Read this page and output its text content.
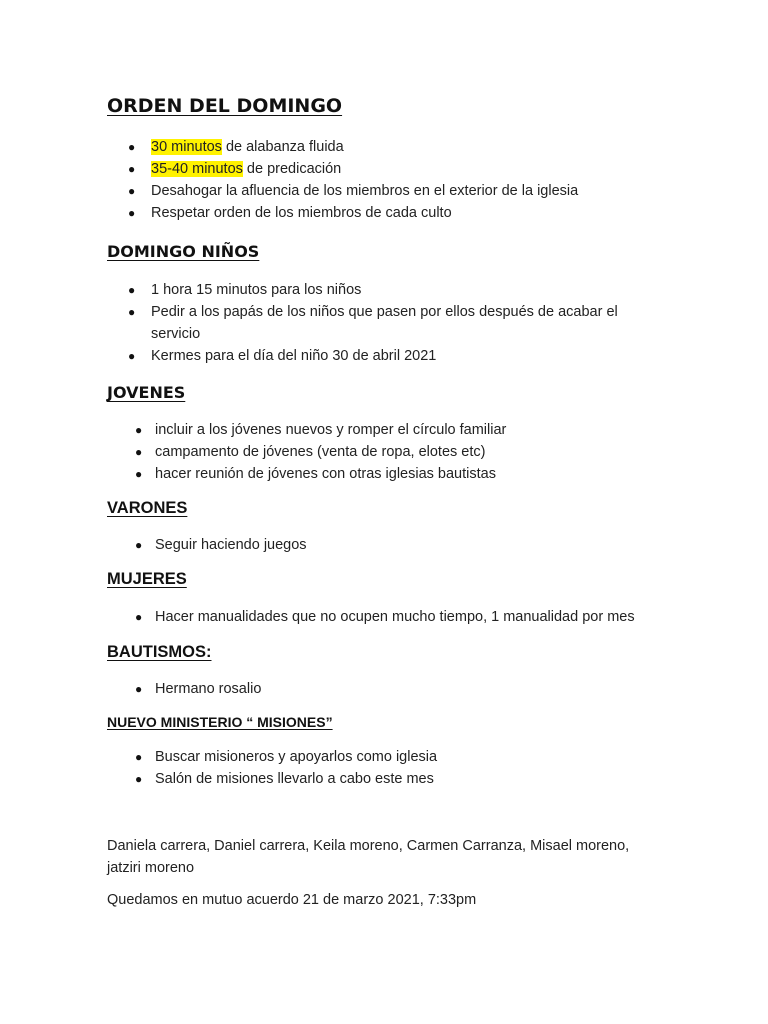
ORDEN DEL DOMINGO
● 30 minutos de alabanza fluida
● 35-40 minutos de predicación
● Desahogar la afluencia de los miembros en el exterior de la iglesia
● Respetar orden de los miembros de cada culto
DOMINGO NIÑOS
● 1 hora 15 minutos para los niños
● Pedir a los papás de los niños que pasen por ellos después de acabar el servicio
● Kermes para el día del niño 30 de abril 2021
JOVENES
● incluir a los jóvenes nuevos y romper el círculo familiar
● campamento de jóvenes (venta de ropa, elotes etc)
● hacer reunión de jóvenes con otras iglesias bautistas
VARONES
● Seguir haciendo juegos
MUJERES
● Hacer manualidades que no ocupen mucho tiempo, 1 manualidad por mes
BAUTISMOS:
● Hermano rosalio
NUEVO MINISTERIO “ MISIONES”
● Buscar misioneros y apoyarlos como iglesia
● Salón de misiones llevarlo a cabo este mes

Daniela carrera, Daniel carrera, Keila moreno, Carmen Carranza, Misael moreno, jatziri moreno

Quedamos en mutuo acuerdo 21 de marzo 2021, 7:33pm
